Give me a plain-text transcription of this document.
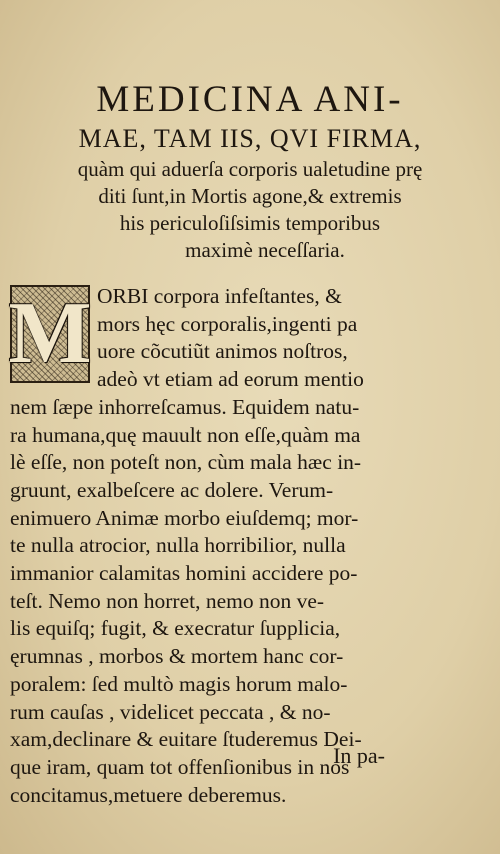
MEDICINA ANI-
MAE, TAM IIS, QVI FIRMA,
quàm qui aduerſa corporis ualetudine prę
diti ſunt,in Mortis agone,& extremis
his periculoſiſsimis temporibus
maximè neceſſaria.
M ORBI corpora infeſtantes, &
mors hęc corporalis,ingenti pa
uore cõcutiũt animos noſtros,
adeò vt etiam ad eorum mentio
nem ſæpe inhorreſcamus. Equidem natu-
ra humana,quę mauult non eſſe,quàm ma
lè eſſe, non poteſt non, cùm mala hæc in-
gruunt, exalbeſcere ac dolere. Verum-
enimuero Animæ morbo eiuſdemq; mor-
te nulla atrocior, nulla horribilior, nulla
immanior calamitas homini accidere po-
teſt. Nemo non horret, nemo non ve-
lis equiſq; fugit, & execratur ſupplicia,
ęrumnas , morbos & mortem hanc cor-
poralem: ſed multò magis horum malo-
rum cauſas , videlicet peccata , & no-
xam,declinare & euitare ſtuderemus Dei-
que iram, quam tot offenſionibus in nos
concitamus,metuere deberemus.
In pa-
